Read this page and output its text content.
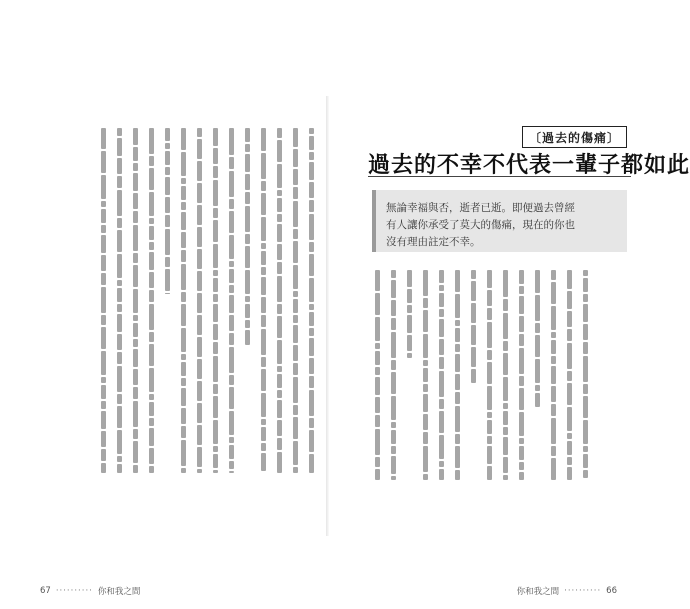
67 ·········· 你和我之間
〔過去的傷痛〕
過去的不幸不代表一輩子都如此
無論幸福與否，逝者已逝。即便過去曾經
有人讓你承受了莫大的傷痛，現在的你也
沒有理由註定不幸。
你和我之間 ·········· 66
